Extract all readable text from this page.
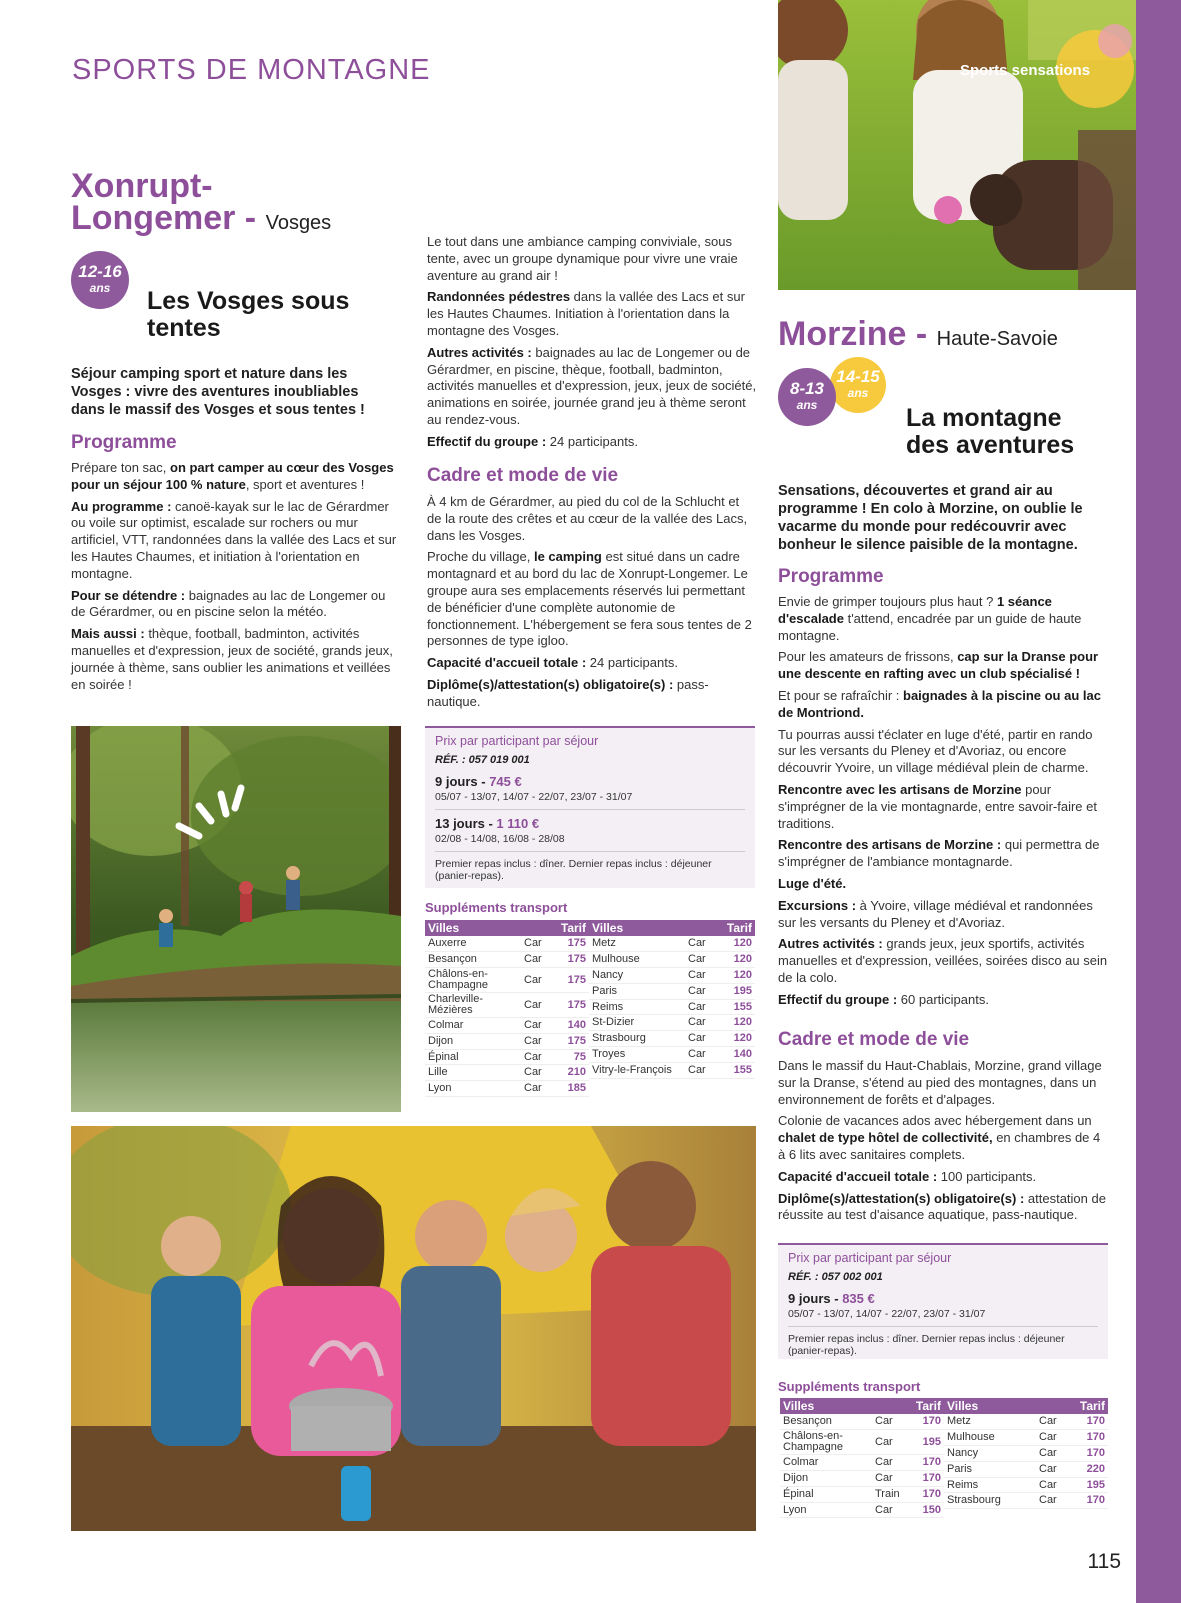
SPORTS DE MONTAGNE
Xonrupt-
Longemer - Vosges
12-16
ans	Les Vosges sous
tentes
Séjour camping sport et nature dans les Vosges : vivre des aventures inoubliables dans le massif des Vosges et sous tentes !
Programme

Prépare ton sac, on part camper au cœur des Vosges pour un séjour 100 % nature, sport et aventures !

Au programme : canoë-kayak sur le lac de Gérardmer ou voile sur optimist, escalade sur rochers ou mur artificiel, VTT, randonnées dans la vallée des Lacs et sur les Hautes Chaumes, et initiation à l'orientation en montagne.

Pour se détendre : baignades au lac de Longemer ou de Gérardmer, ou en piscine selon la météo.

Mais aussi : thèque, football, badminton, activités manuelles et d'expression, jeux de société, grands jeux, journée à thème, sans oublier les animations et veillées en soirée !

Le tout dans une ambiance camping conviviale, sous tente, avec un groupe dynamique pour vivre une vraie aventure au grand air !

Randonnées pédestres dans la vallée des Lacs et sur les Hautes Chaumes. Initiation à l'orientation dans la montagne des Vosges.

Autres activités : baignades au lac de Longemer ou de Gérardmer, en piscine, thèque, football, badminton, activités manuelles et d'expression, jeux, jeux de société, animations en soirée, journée grand jeu à thème seront au rendez-vous.

Effectif du groupe : 24 participants.

Cadre et mode de vie

À 4 km de Gérardmer, au pied du col de la Schlucht et de la route des crêtes et au cœur de la vallée des Lacs, dans les Vosges.

Proche du village, le camping est situé dans un cadre montagnard et au bord du lac de Xonrupt-Longemer. Le groupe aura ses emplacements réservés lui permettant de bénéficier d'une complète autonomie de fonctionnement. L'hébergement se fera sous tentes de 2 personnes de type igloo.

Capacité d'accueil totale : 24 participants.

Diplôme(s)/attestation(s) obligatoire(s) : pass-nautique.

Prix par participant par séjour
RÉF. : 057 019 001
9 jours - 745 €
05/07 - 13/07, 14/07 - 22/07, 23/07 - 31/07
13 jours - 1 110 €
02/08 - 14/08, 16/08 - 28/08
Premier repas inclus : dîner. Dernier repas inclus : déjeuner (panier-repas).
Suppléments transport
Villes		Tarif
Auxerre	Car	175
Besançon	Car	175
Châlons-en-Champagne	Car	175
Charleville-Mézières	Car	175
Colmar	Car	140
Dijon	Car	175
Épinal	Car	75
Lille	Car	210
Lyon	Car	185
Villes		Tarif
Metz	Car	120
Mulhouse	Car	120
Nancy	Car	120
Paris	Car	195
Reims	Car	155
St-Dizier	Car	120
Strasbourg	Car	120
Troyes	Car	140
Vitry-le-François	Car	155
Sports sensations
Morzine - Haute-Savoie
14-15
ans
8-13
ans	La montagne
des aventures
Sensations, découvertes et grand air au programme ! En colo à Morzine, on oublie le vacarme du monde pour redécouvrir avec bonheur le silence paisible de la montagne.
Programme

Envie de grimper toujours plus haut ? 1 séance d'escalade t'attend, encadrée par un guide de haute montagne.

Pour les amateurs de frissons, cap sur la Dranse pour une descente en rafting avec un club spécialisé !

Et pour se rafraîchir : baignades à la piscine ou au lac de Montriond.

Tu pourras aussi t'éclater en luge d'été, partir en rando sur les versants du Pleney et d'Avoriaz, ou encore découvrir Yvoire, un village médiéval plein de charme.

Rencontre avec les artisans de Morzine pour s'imprégner de la vie montagnarde, entre savoir-faire et traditions.

Rencontre des artisans de Morzine : qui permettra de s'imprégner de l'ambiance montagnarde.

Luge d'été.

Excursions : à Yvoire, village médiéval et randonnées sur les versants du Pleney et d'Avoriaz.

Autres activités : grands jeux, jeux sportifs, activités manuelles et d'expression, veillées, soirées disco au sein de la colo.

Effectif du groupe : 60 participants.

Cadre et mode de vie

Dans le massif du Haut-Chablais, Morzine, grand village sur la Dranse, s'étend au pied des montagnes, dans un environnement de forêts et d'alpages.

Colonie de vacances ados avec hébergement dans un chalet de type hôtel de collectivité, en chambres de 4 à 6 lits avec sanitaires complets.

Capacité d'accueil totale : 100 participants.

Diplôme(s)/attestation(s) obligatoire(s) : attestation de réussite au test d'aisance aquatique, pass-nautique.

Prix par participant par séjour
RÉF. : 057 002 001
9 jours - 835 €
05/07 - 13/07, 14/07 - 22/07, 23/07 - 31/07
Premier repas inclus : dîner. Dernier repas inclus : déjeuner (panier-repas).
Suppléments transport
Villes		Tarif
Besançon	Car	170
Châlons-en-Champagne	Car	195
Colmar	Car	170
Dijon	Car	170
Épinal	Train	170
Lyon	Car	150
Villes		Tarif
Metz	Car	170
Mulhouse	Car	170
Nancy	Car	170
Paris	Car	220
Reims	Car	195
Strasbourg	Car	170
115
